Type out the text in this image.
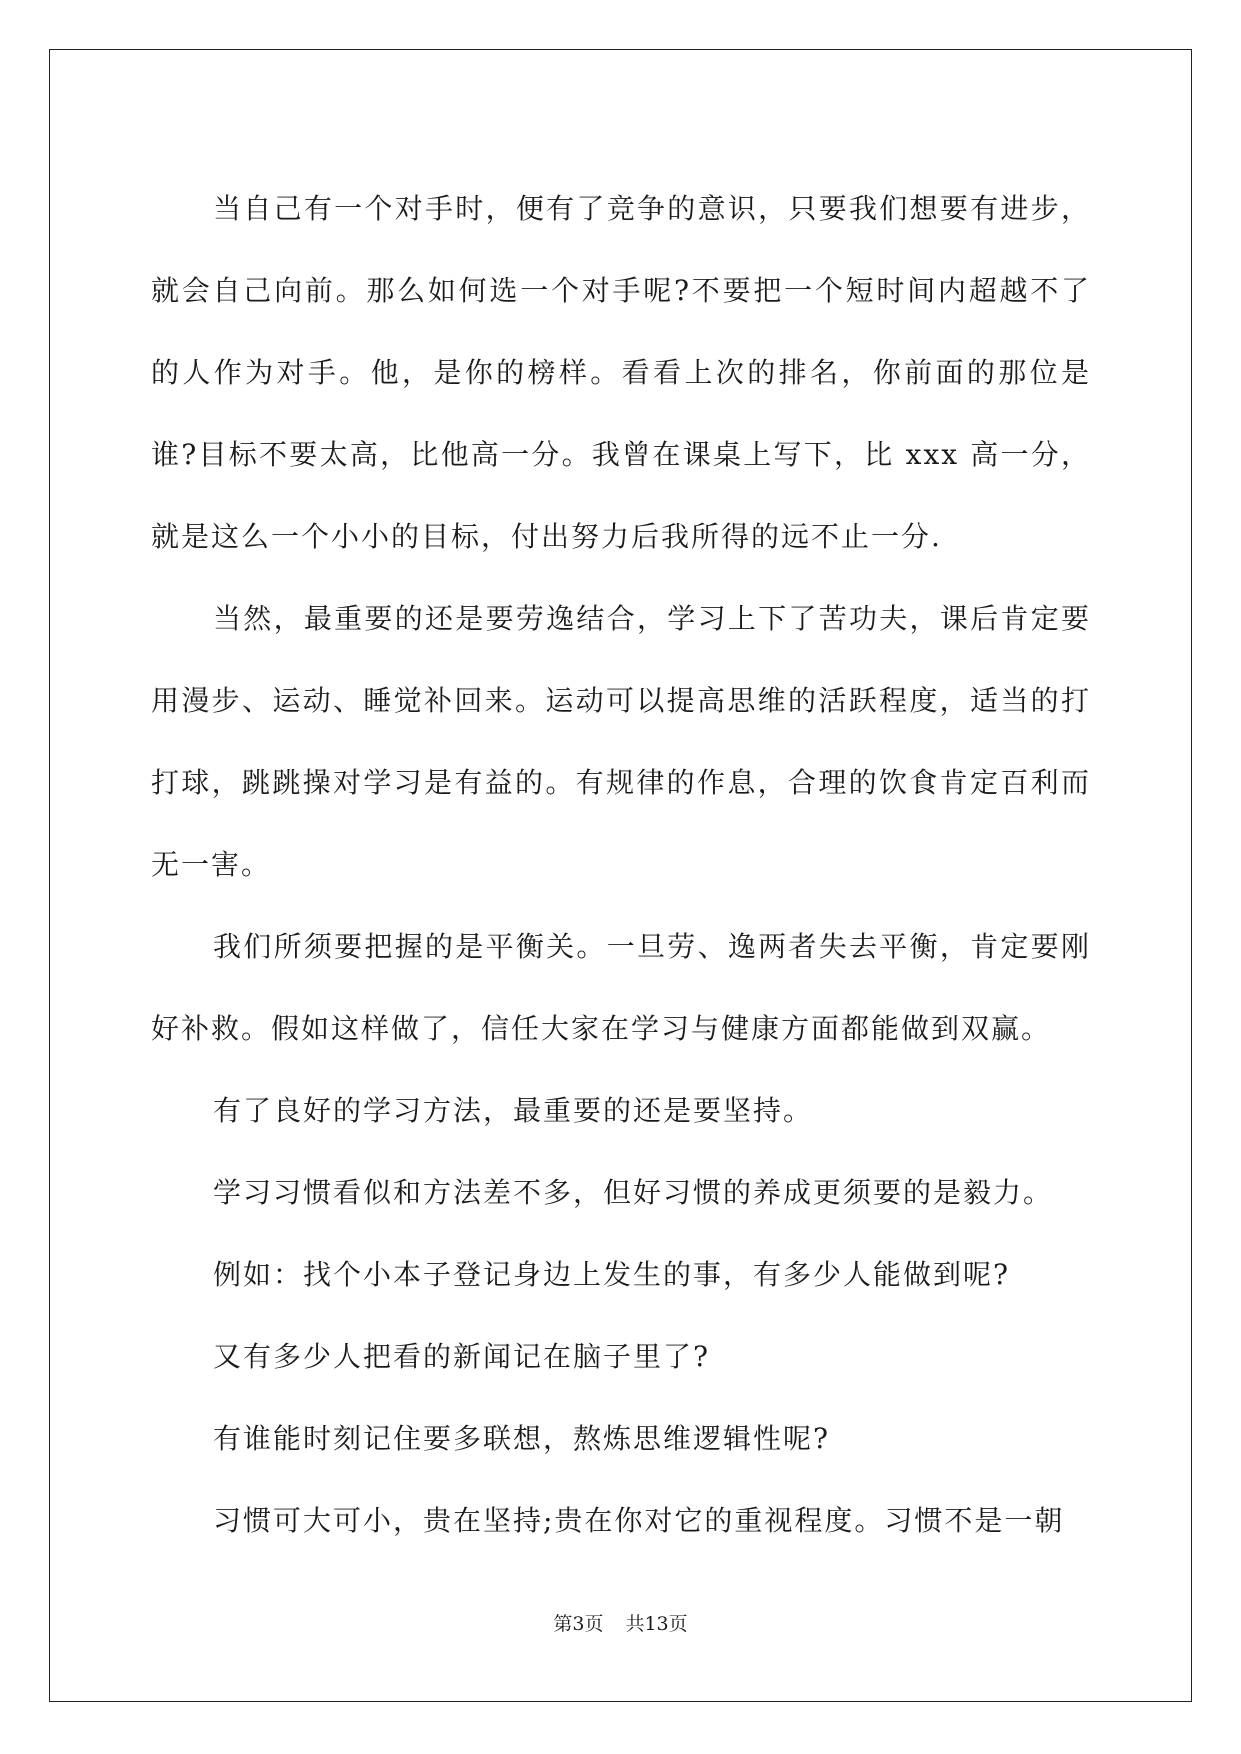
当自己有一个对手时，便有了竞争的意识，只要我们想要有进步，就会自己向前。那么如何选一个对手呢?不要把一个短时间内超越不了的人作为对手。他，是你的榜样。看看上次的排名，你前面的那位是谁?目标不要太高，比他高一分。我曾在课桌上写下，比 xxx 高一分，就是这么一个小小的目标，付出努力后我所得的远不止一分.

当然，最重要的还是要劳逸结合，学习上下了苦功夫，课后肯定要用漫步、运动、睡觉补回来。运动可以提高思维的活跃程度，适当的打打球，跳跳操对学习是有益的。有规律的作息，合理的饮食肯定百利而无一害。

我们所须要把握的是平衡关。一旦劳、逸两者失去平衡，肯定要刚好补救。假如这样做了，信任大家在学习与健康方面都能做到双赢。

有了良好的学习方法，最重要的还是要坚持。

学习习惯看似和方法差不多，但好习惯的养成更须要的是毅力。

例如：找个小本子登记身边上发生的事，有多少人能做到呢?

又有多少人把看的新闻记在脑子里了?

有谁能时刻记住要多联想，熬炼思维逻辑性呢?

习惯可大可小，贵在坚持;贵在你对它的重视程度。习惯不是一朝

第3页 共13页
